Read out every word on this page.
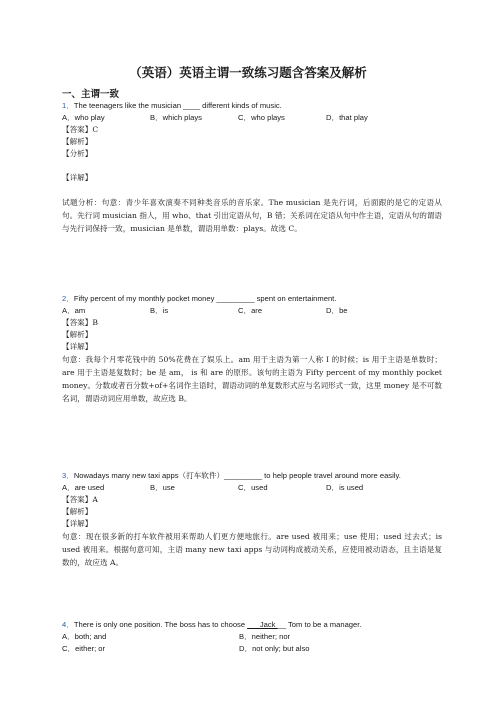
（英语）英语主谓一致练习题含答案及解析
一、主谓一致
1．The teenagers like the musician ____ different kinds of music.
A．who play	B．which plays	C．who plays	D．that play
【答案】C
【解析】
【分析】
【详解】
试题分析：句意：青少年喜欢演奏不同种类音乐的音乐家。The musician 是先行词，后面跟的是它的定语从句。先行词 musician 指人，用 who、that 引出定语从句，B 错；关系词在定语从句中作主语，定语从句的谓语与先行词保持一致，musician 是单数，谓语用单数：plays。故选 C。
2．Fifty percent of my monthly pocket money _________ spent on entertainment.
A．am	B．is	C．are	D．be
【答案】B
【解析】
【详解】
句意：我每个月零花钱中的 50%花费在了娱乐上。am 用于主语为第一人称 I 的时候；is 用于主语是单数时；are 用于主语是复数时；be 是 am， is 和 are 的原形。该句的主语为 Fifty percent of my monthly pocket money。分数或者百分数+of+名词作主语时，谓语动词的单复数形式应与名词形式一致，这里 money 是不可数名词，谓语动词应用单数，故应选 B。
3．Nowadays many new taxi apps（打车软件）_________ to help people travel around more easily.
A．are used	B．use	C．used	D．is used
【答案】A
【解析】
【详解】
句意：现在很多新的打车软件被用来帮助人们更方便地旅行。are used 被用来；use 使用；used 过去式；is used 被用来。根据句意可知，主语 many new taxi apps 与动词构成被动关系，应使用被动语态，且主语是复数的，故应选 A。
4．There is only one position. The boss has to choose ___Jack __ Tom to be a manager.
A．both; and	B．neither; nor
C．either; or	D．not only; but also
